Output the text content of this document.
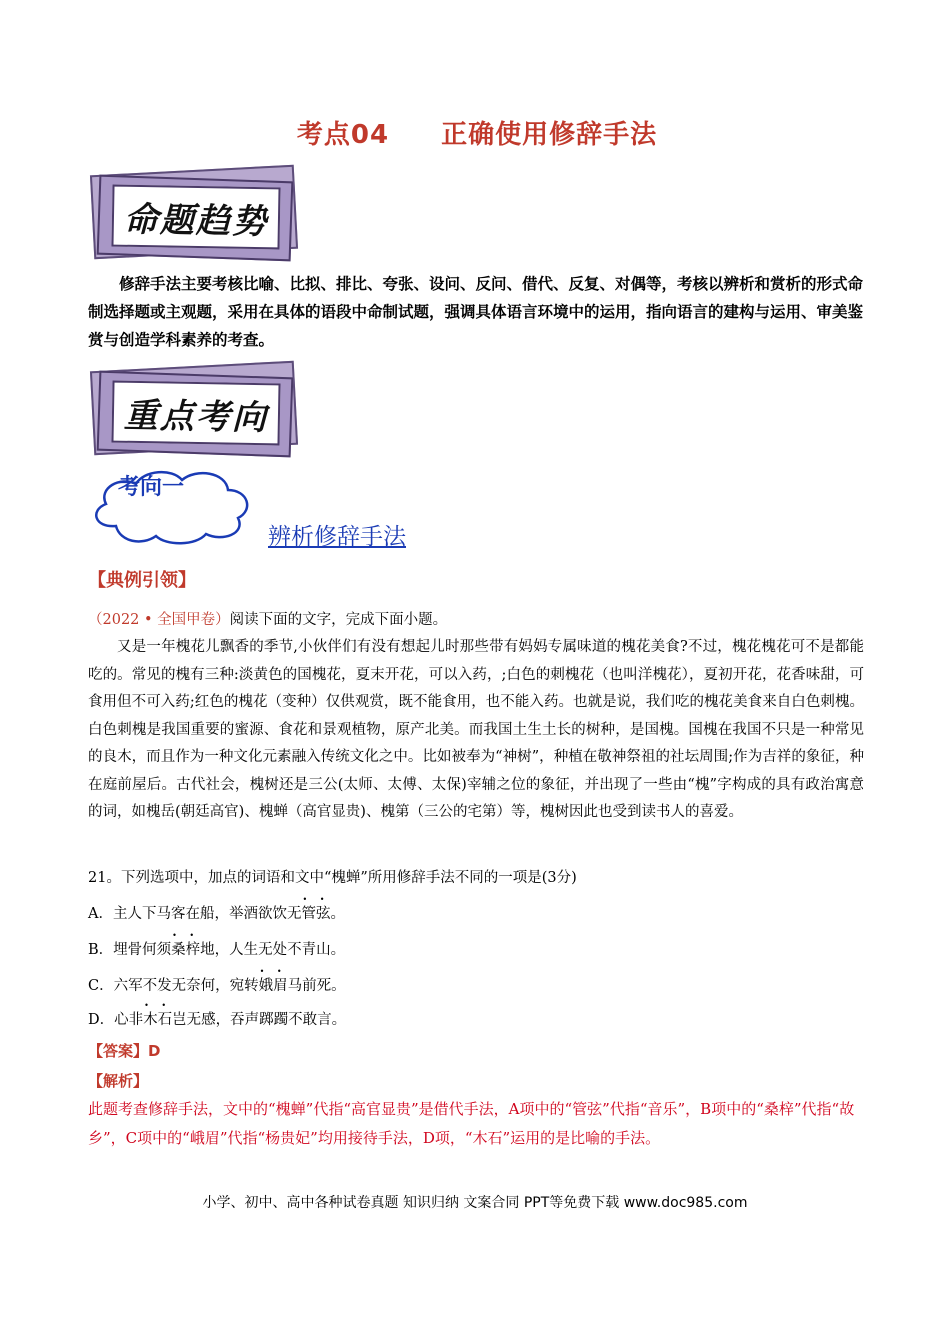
考点04 正确使用修辞手法
命题趋势
修辞手法主要考核比喻、比拟、排比、夸张、设问、反问、借代、反复、对偶等，考核以辨析和赏析的形式命制选择题或主观题，采用在具体的语段中命制试题，强调具体语言环境中的运用，指向语言的建构与运用、审美鉴赏与创造学科素养的考查。
重点考向
考向一
辨析修辞手法
【典例引领】
（2022 • 全国甲卷）阅读下面的文字，完成下面小题。
又是一年槐花儿飘香的季节,小伙伴们有没有想起儿时那些带有妈妈专属味道的槐花美食?不过，槐花槐花可不是都能吃的。常见的槐有三种:淡黄色的国槐花，夏末开花，可以入药，;白色的刺槐花（也叫洋槐花），夏初开花，花香味甜，可食用但不可入药;红色的槐花（变种）仅供观赏，既不能食用，也不能入药。也就是说，我们吃的槐花美食来自白色刺槐。白色刺槐是我国重要的蜜源、食花和景观植物，原产北美。而我国土生土长的树种，是国槐。国槐在我国不只是一种常见的良木，而且作为一种文化元素融入传统文化之中。比如被奉为“神树”，种植在敬神祭祖的社坛周围;作为吉祥的象征，种在庭前屋后。古代社会，槐树还是三公(太师、太傅、太保)宰辅之位的象征，并出现了一些由“槐”字构成的具有政治寓意的词，如槐岳(朝廷高官)、槐蝉（高官显贵)、槐第（三公的宅第）等，槐树因此也受到读书人的喜爱。
21。下列选项中，加点的词语和文中“槐蝉”所用修辞手法不同的一项是(3分)
A．主人下马客在船，举酒欲饮无• • 管弦。
B．埋骨何须• • 桑梓地，人生无处不青山。
C．六军不发无奈何，宛转• • 娥眉马前死。
D．心非• • 木石岂无感，吞声踯躅不敢言。
【答案】D
【解析】
此题考查修辞手法，文中的“槐蝉”代指“高官显贵”是借代手法，A项中的“管弦”代指“音乐”，B项中的“桑梓”代指“故乡”，C项中的“峨眉”代指“杨贵妃”均用接待手法，D项，“木石”运用的是比喻的手法。
小学、初中、高中各种试卷真题 知识归纳 文案合同 PPT等免费下载 www.doc985.com
